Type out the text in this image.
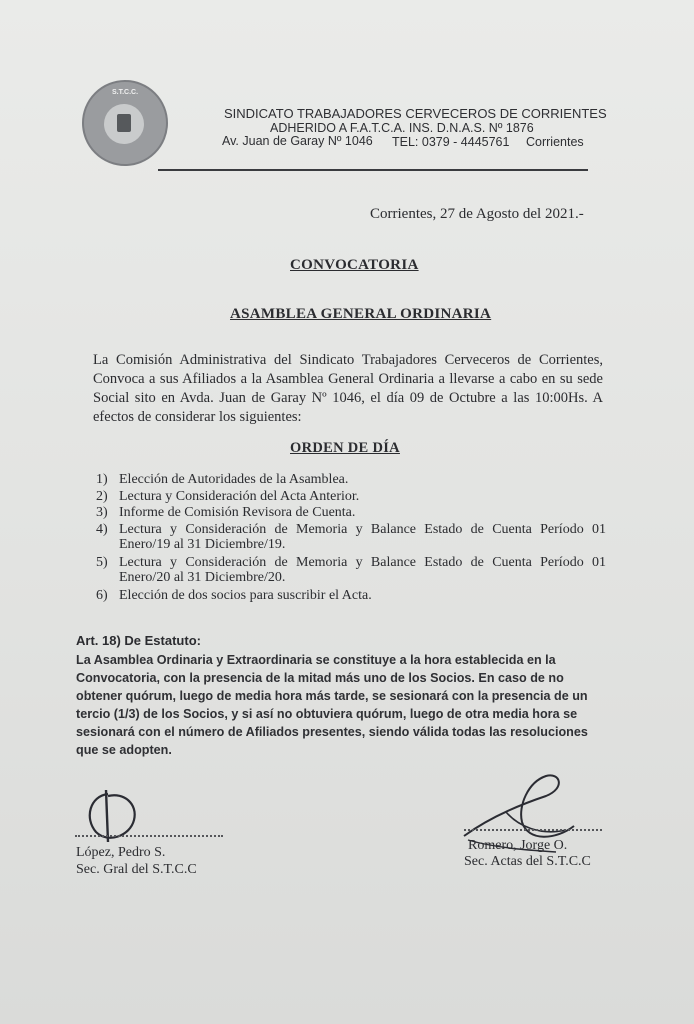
S.T.C.C.
SINDICATO TRABAJADORES CERVECEROS DE CORRIENTES
ADHERIDO A F.A.T.C.A. INS. D.N.A.S. Nº 1876
Av. Juan de Garay Nº 1046 TEL: 0379 - 4445761 Corrientes
Corrientes, 27 de Agosto del 2021.-
CONVOCATORIA
ASAMBLEA GENERAL ORDINARIA
La Comisión Administrativa del Sindicato Trabajadores Cerveceros de Corrientes, Convoca a sus Afiliados a la Asamblea General Ordinaria a llevarse a cabo en su sede Social sito en Avda. Juan de Garay Nº 1046, el día 09 de Octubre a las 10:00Hs. A efectos de considerar los siguientes:
ORDEN DE DÍA
1) Elección de Autoridades de la Asamblea.
2) Lectura y Consideración del Acta Anterior.
3) Informe de Comisión Revisora de Cuenta.
4) Lectura y Consideración de Memoria y Balance Estado de Cuenta Período 01 Enero/19 al 31 Diciembre/19.
5) Lectura y Consideración de Memoria y Balance Estado de Cuenta Período 01 Enero/20 al 31 Diciembre/20.
6) Elección de dos socios para suscribir el Acta.
Art. 18) De Estatuto:
La Asamblea Ordinaria y Extraordinaria se constituye a la hora establecida en la Convocatoria, con la presencia de la mitad más uno de los Socios. En caso de no obtener quórum, luego de media hora más tarde, se sesionará con la presencia de un tercio (1/3) de los Socios, y si así no obtuviera quórum, luego de otra media hora se sesionará con el número de Afiliados presentes, siendo válida todas las resoluciones que se adopten.
López, Pedro S.
Sec. Gral del S.T.C.C
Romero, Jorge O.
Sec. Actas del S.T.C.C
